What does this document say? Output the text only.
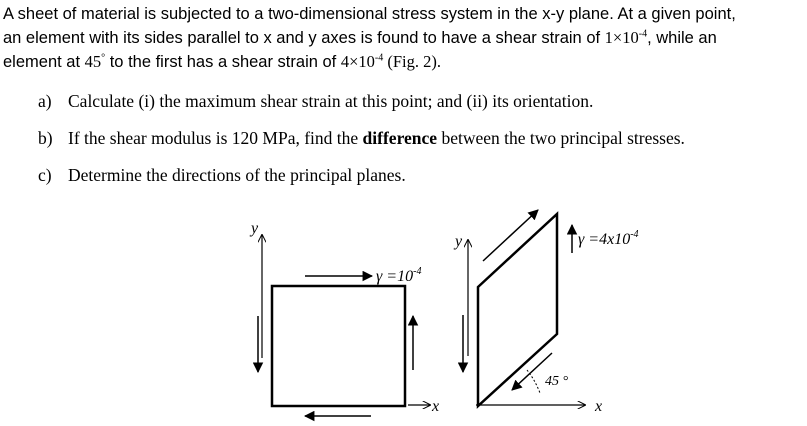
A sheet of material is subjected to a two-dimensional stress system in the x-y plane. At a given point,
an element with its sides parallel to x and y axes is found to have a shear strain of $1\times 10^{-4}$, while an
element at 45° to the first has a shear strain of $4\times 10^{-4}$ (Fig. 2).
a) Calculate (i) the maximum shear strain at this point; and (ii) its orientation.
b) If the shear modulus is 120 MPa, find the difference between the two principal stresses.
c) Determine the directions of the principal planes.
y
x
$\gamma =10^{-4}$
y
x
45 °
$\gamma =4x10^{-4}$
